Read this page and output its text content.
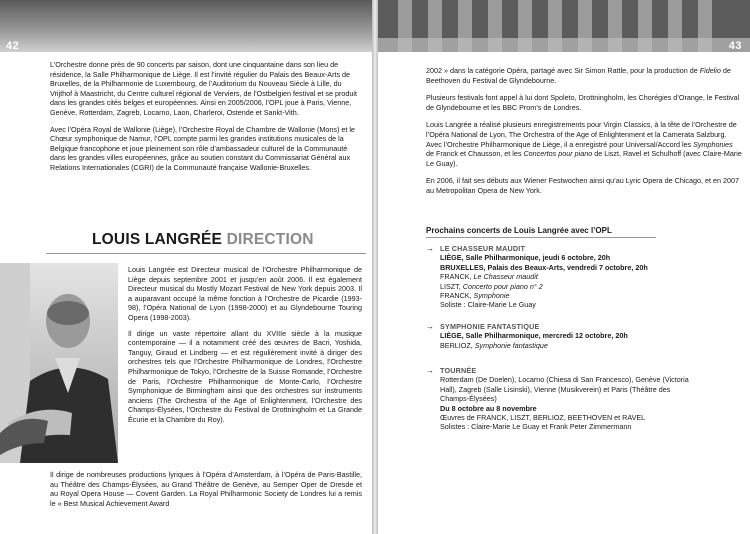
42

L’Orchestre donne près de 90 concerts par saison, dont une cinquantaine dans son lieu de résidence, la Salle Philharmonique de Liège. Il est l’invité régulier du Palais des Beaux-Arts de Bruxelles, de la Philharmonie de Luxembourg, de l’Auditorium du Nouveau Siècle à Lille, du Vrijthof à Maastricht, du Centre culturel régional de Verviers, de l’Ostbelgien festival et se produit dans les grandes cités belges et européennes. Ainsi en 2005/2006, l’OPL joue à Paris, Vienne, Genève, Rotterdam, Zagreb, Locarno, Laon, Charleroi, Ostende et Sankt-Vith.

Avec l’Opéra Royal de Wallonie (Liège), l’Orchestre Royal de Chambre de Wallonie (Mons) et le Chœur symphonique de Namur, l’OPL compte parmi les grandes institutions musicales de la Belgique francophone et joue pleinement son rôle d’ambassadeur culturel de la Communauté dans les grandes villes européennes, grâce au soutien constant du Commissariat Général aux Relations Internationales (CGRI) de la Communauté française Wallonie-Bruxelles.

LOUIS LANGRÉE DIRECTION

Louis Langrée est Directeur musical de l’Orchestre Philharmonique de Liège depuis septembre 2001 et jusqu’en août 2006. Il est également Directeur musical du Mostly Mozart Festival de New York depuis 2003. Il a auparavant occupé la même fonction à l’Orchestre de Picardie (1993-98), l’Opéra National de Lyon (1998-2000) et au Glyndebourne Touring Opera (1998-2003).

Il dirige un vaste répertoire allant du XVIIIe siècle à la musique contemporaine — il a notamment créé des œuvres de Bacri, Yoshida, Tanguy, Giraud et Lindberg — et est régulièrement invité à diriger des orchestres tels que l’Orchestre Philharmonique de Londres, l’Orchestre Philharmonique de Tokyo, l’Orchestre de la Suisse Romande, l’Orchestre de Paris, l’Orchestre Philharmonique de Monte-Carlo, l’Orchestre Symphonique de Birmingham ainsi que des orchestres sur instruments anciens (The Orchestra of the Age of Enlightenment, l’Orchestre des Champs-Élysées, l’Orchestre du Festival de Drottningholm et La Grande Écurie et la Chambre du Roy).

Il dirige de nombreuses productions lyriques à l’Opéra d’Amsterdam, à l’Opéra de Paris-Bastille, au Théâtre des Champs-Élysées, au Grand Théâtre de Genève, au Semper Oper de Dresde et au Royal Opera House — Covent Garden. La Royal Philharmonic Society de Londres lui a remis le « Best Musical Achievement Award
43

2002 » dans la catégorie Opéra, partagé avec Sir Simon Rattle, pour la production de Fidelio de Beethoven du Festival de Glyndebourne.

Plusieurs festivals font appel à lui dont Spoleto, Drottningholm, les Chorégies d’Orange, le Festival de Glyndebourne et les BBC Prom’s de Londres.

Louis Langrée a réalisé plusieurs enregistrements pour Virgin Classics, à la tête de l’Orchestre de l’Opéra National de Lyon, The Orchestra of the Age of Enlightenment et la Camerata Salzburg. Avec l’Orchestre Philharmonique de Liège, il a enregistré pour Universal/Accord les Symphonies de Franck et Chausson, et les Concertos pour piano de Liszt, Ravel et Schulhoff (avec Claire-Marie Le Guay).

En 2006, il fait ses débuts aux Wiener Festwochen ainsi qu’au Lyric Opera de Chicago, et en 2007 au Metropolitan Opera de New York.

Prochains concerts de Louis Langrée avec l’OPL
→ LE CHASSEUR MAUDIT
LIÈGE, Salle Philharmonique, jeudi 6 octobre, 20h
BRUXELLES, Palais des Beaux-Arts, vendredi 7 octobre, 20h
FRANCK, Le Chasseur maudit
LISZT, Concerto pour piano n° 2
FRANCK, Symphonie
Soliste : Claire-Marie Le Guay
→ SYMPHONIE FANTASTIQUE
LIÈGE, Salle Philharmonique, mercredi 12 octobre, 20h
BERLIOZ, Symphonie fantastique
→ TOURNÉE
Rotterdam (De Doelen), Locarno (Chiesa di San Francesco), Genève (Victoria Hall), Zagreb (Salle Lisinski), Vienne (Musikverein) et Paris (Théâtre des Champs-Élysées)
Du 8 octobre au 8 novembre
Œuvres de FRANCK, LISZT, BERLIOZ, BEETHOVEN et RAVEL
Solistes : Claire-Marie Le Guay et Frank Peter Zimmermann
